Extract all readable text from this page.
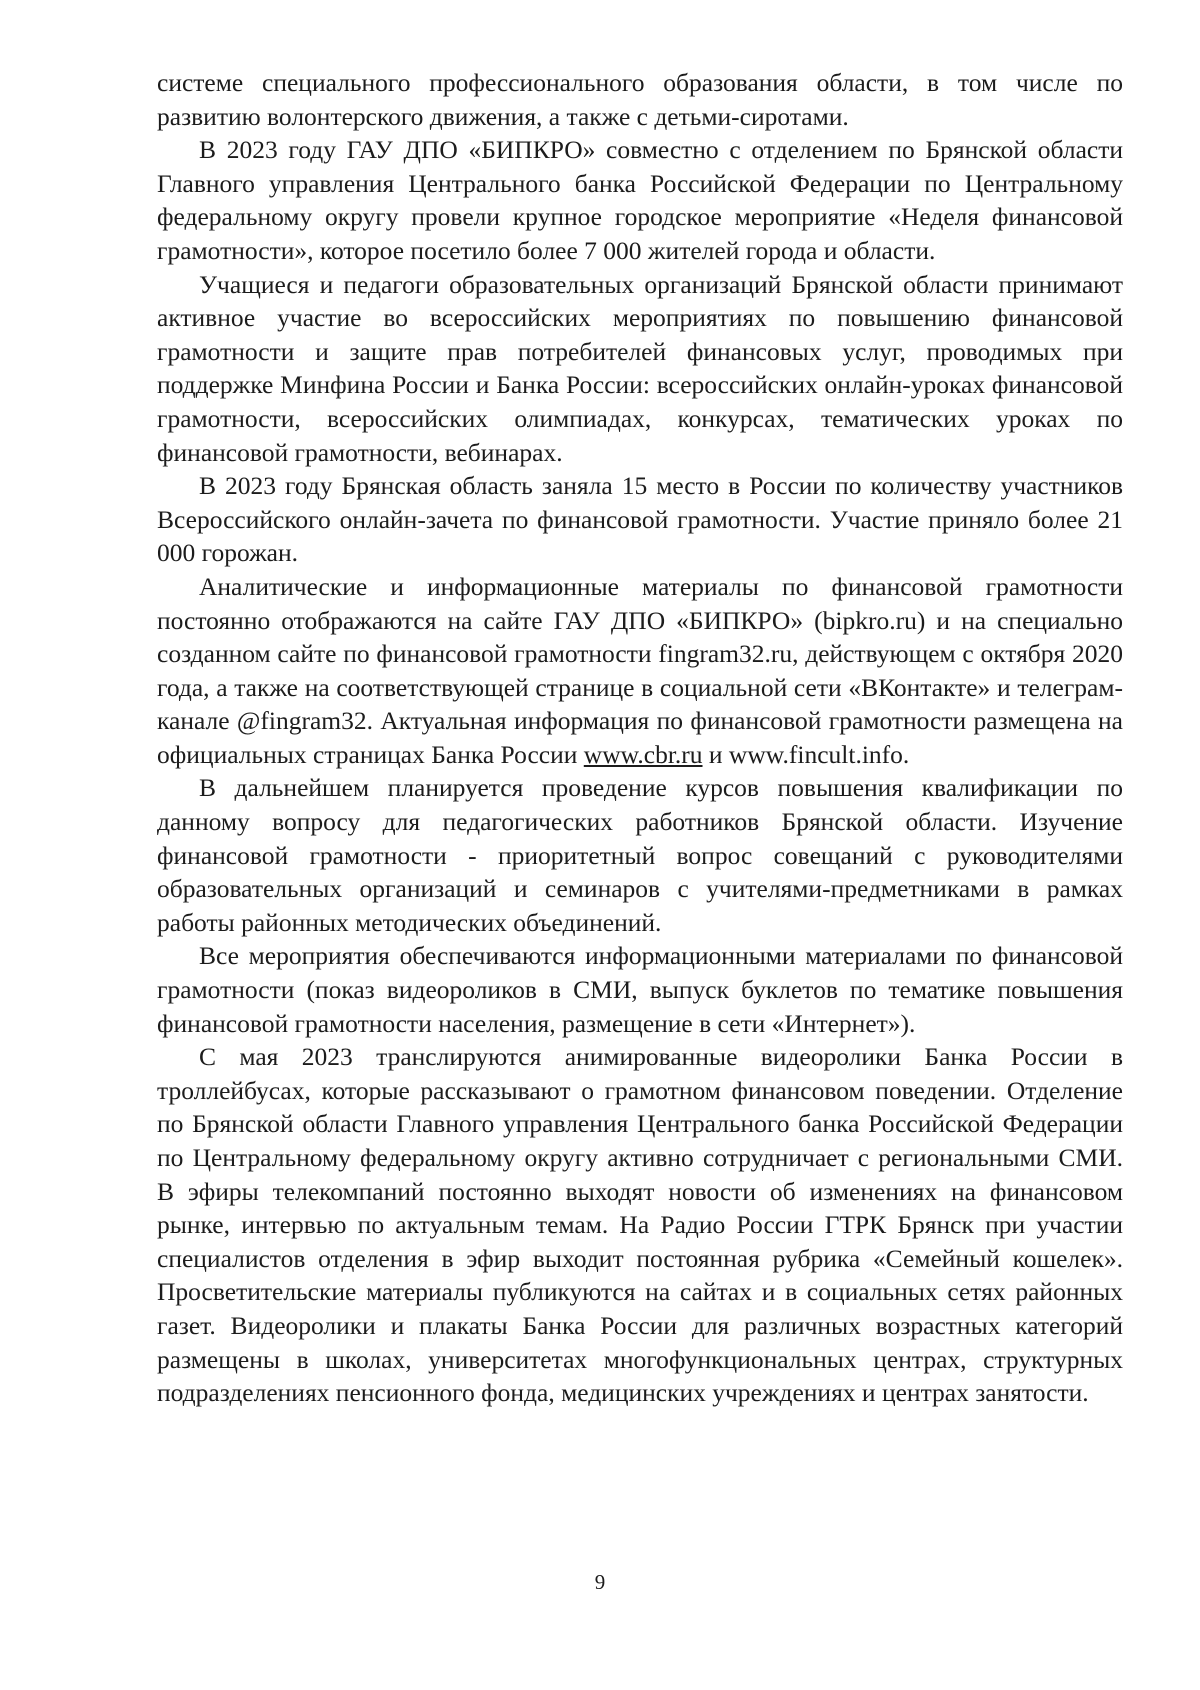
системе специального профессионального образования области, в том числе по развитию волонтерского движения, а также с детьми-сиротами.

В 2023 году ГАУ ДПО «БИПКРО» совместно с отделением по Брянской области Главного управления Центрального банка Российской Федерации по Центральному федеральному округу провели крупное городское мероприятие «Неделя финансовой грамотности», которое посетило более 7 000 жителей города и области.

Учащиеся и педагоги образовательных организаций Брянской области принимают активное участие во всероссийских мероприятиях по повышению финансовой грамотности и защите прав потребителей финансовых услуг, проводимых при поддержке Минфина России и Банка России: всероссийских онлайн-уроках финансовой грамотности, всероссийских олимпиадах, конкурсах, тематических уроках по финансовой грамотности, вебинарах.

В 2023 году Брянская область заняла 15 место в России по количеству участников Всероссийского онлайн-зачета по финансовой грамотности. Участие приняло более 21 000 горожан.

Аналитические и информационные материалы по финансовой грамотности постоянно отображаются на сайте ГАУ ДПО «БИПКРО» (bipkro.ru) и на специально созданном сайте по финансовой грамотности fingram32.ru, действующем с октября 2020 года, а также на соответствующей странице в социальной сети «ВКонтакте» и телеграм-канале @fingram32. Актуальная информация по финансовой грамотности размещена на официальных страницах Банка России www.cbr.ru и www.fincult.info.

В дальнейшем планируется проведение курсов повышения квалификации по данному вопросу для педагогических работников Брянской области. Изучение финансовой грамотности - приоритетный вопрос совещаний с руководителями образовательных организаций и семинаров с учителями-предметниками в рамках работы районных методических объединений.

Все мероприятия обеспечиваются информационными материалами по финансовой грамотности (показ видеороликов в СМИ, выпуск буклетов по тематике повышения финансовой грамотности населения, размещение в сети «Интернет»).

С мая 2023 транслируются анимированные видеоролики Банка России в троллейбусах, которые рассказывают о грамотном финансовом поведении. Отделение по Брянской области Главного управления Центрального банка Российской Федерации по Центральному федеральному округу активно сотрудничает с региональными СМИ. В эфиры телекомпаний постоянно выходят новости об изменениях на финансовом рынке, интервью по актуальным темам. На Радио России ГТРК Брянск при участии специалистов отделения в эфир выходит постоянная рубрика «Семейный кошелек». Просветительские материалы публикуются на сайтах и в социальных сетях районных газет. Видеоролики и плакаты Банка России для различных возрастных категорий размещены в школах, университетах многофункциональных центрах, структурных подразделениях пенсионного фонда, медицинских учреждениях и центрах занятости.

9
